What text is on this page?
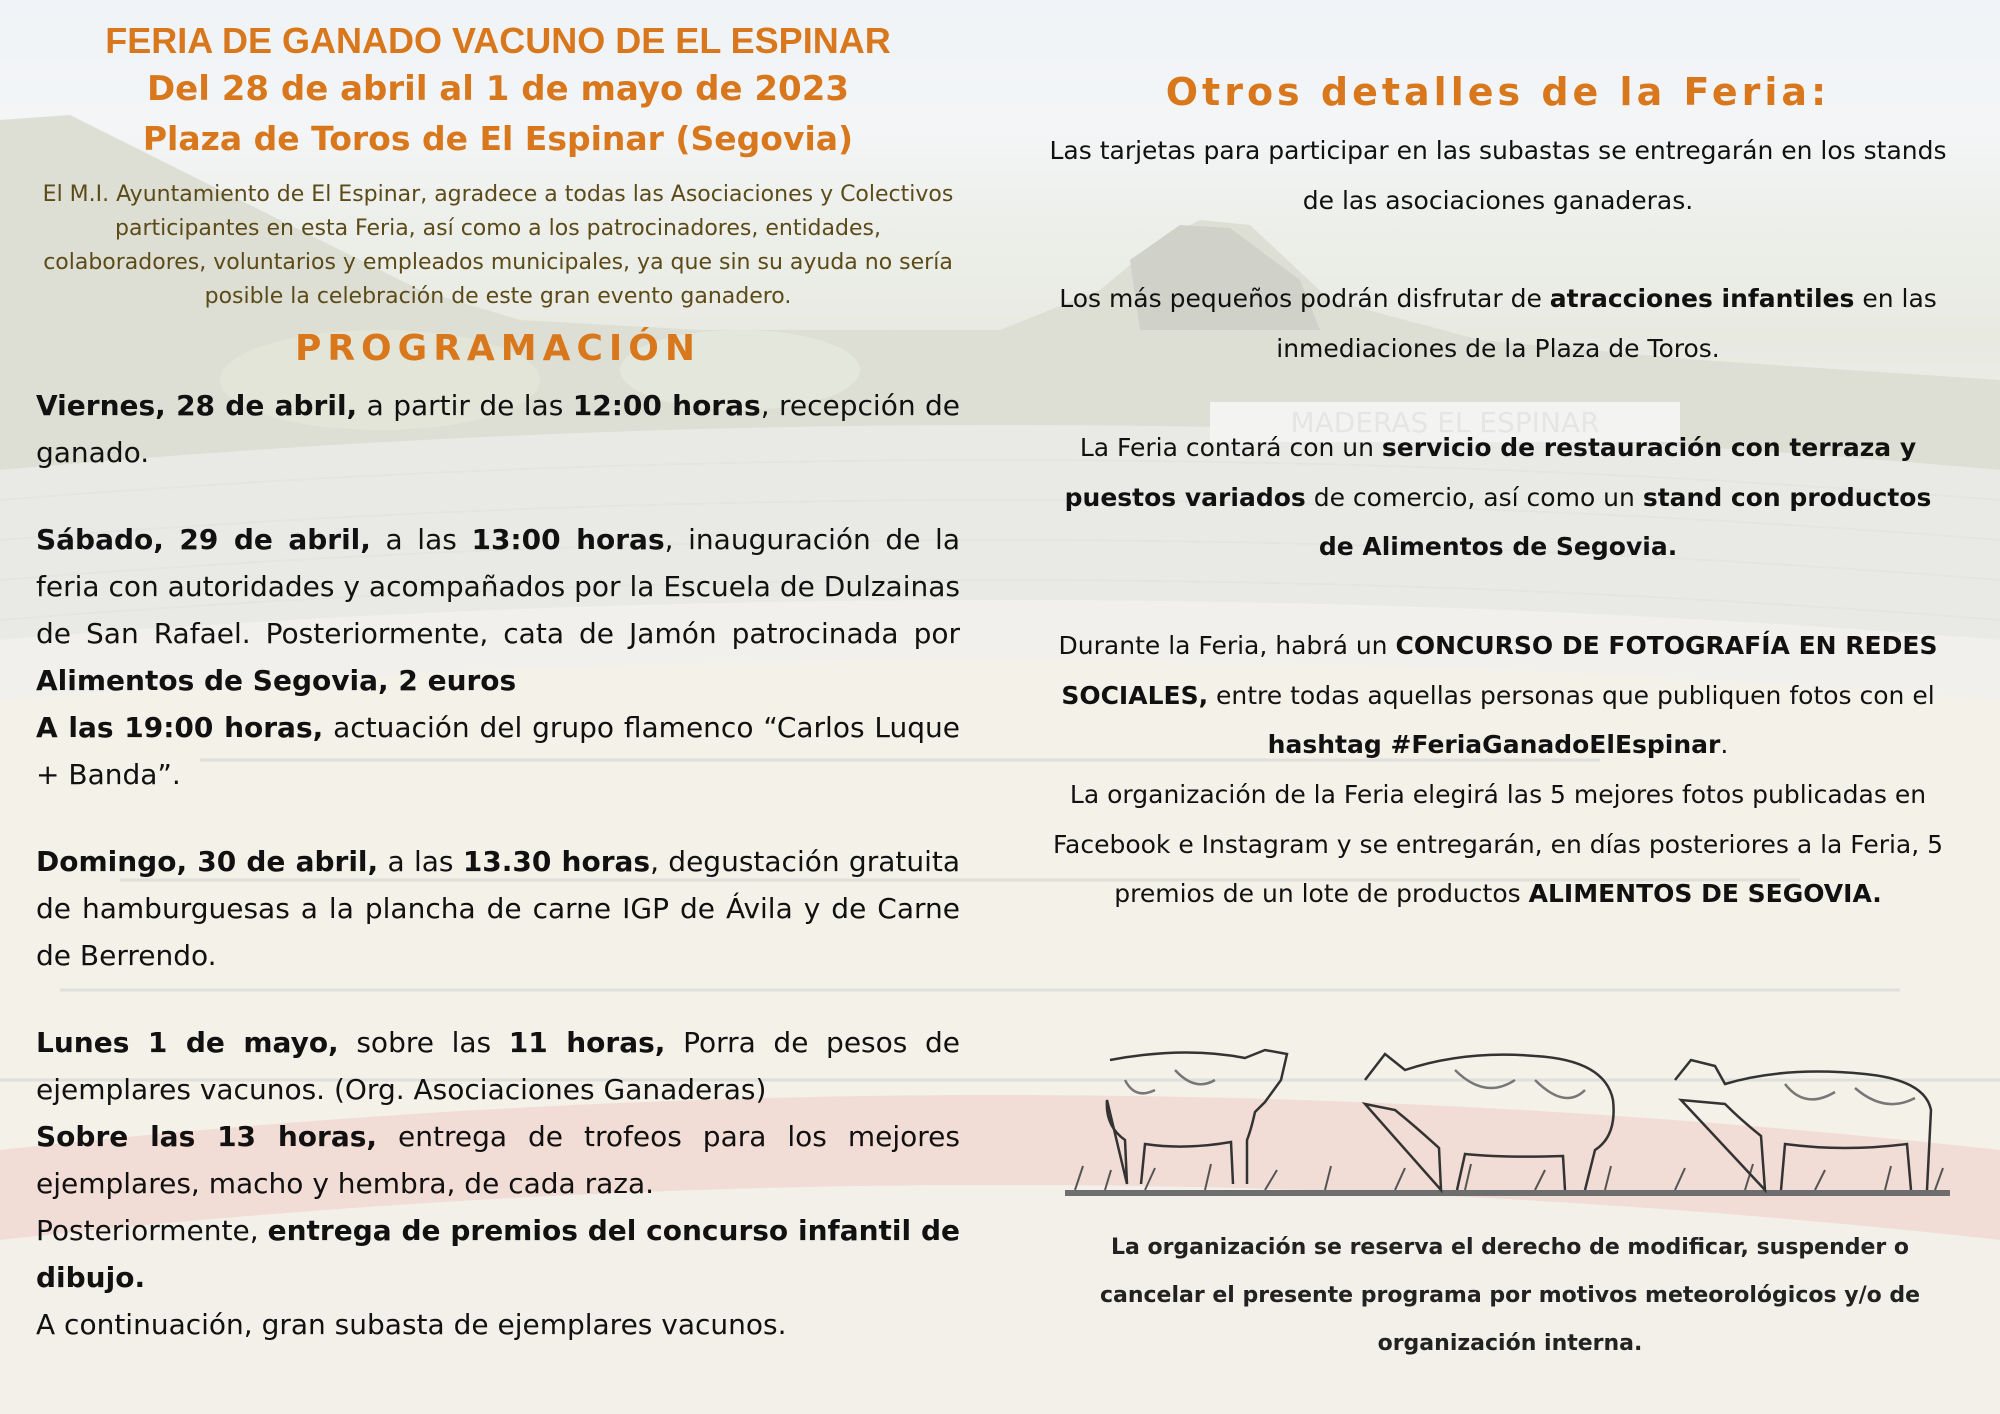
FERIA DE GANADO VACUNO DE EL ESPINAR

Del 28 de abril al 1 de mayo de 2023

Plaza de Toros de El Espinar (Segovia)

El M.I. Ayuntamiento de El Espinar, agradece a todas las Asociaciones y Colectivos participantes en esta Feria, así como a los patrocinadores, entidades, colaboradores, voluntarios y empleados municipales, ya que sin su ayuda no sería posible la celebración de este gran evento ganadero.

PROGRAMACIÓN

Viernes, 28 de abril, a partir de las 12:00 horas, recepción de ganado.

Sábado, 29 de abril, a las 13:00 horas, inauguración de la feria con autoridades y acompañados por la Escuela de Dulzainas de San Rafael. Posteriormente, cata de Jamón patrocinada por Alimentos de Segovia, 2 euros

A las 19:00 horas, actuación del grupo flamenco “Carlos Luque + Banda”.

Domingo, 30 de abril, a las 13.30 horas, degustación gratuita de hamburguesas a la plancha de carne IGP de Ávila y de Carne de Berrendo.

Lunes 1 de mayo, sobre las 11 horas, Porra de pesos de ejemplares vacunos. (Org. Asociaciones Ganaderas)

Sobre las 13 horas, entrega de trofeos para los mejores ejemplares, macho y hembra, de cada raza.

Posteriormente, entrega de premios del concurso infantil de dibujo.

A continuación, gran subasta de ejemplares vacunos.

Otros detalles de la Feria:

Las tarjetas para participar en las subastas se entregarán en los stands de las asociaciones ganaderas.

Los más pequeños podrán disfrutar de atracciones infantiles en las inmediaciones de la Plaza de Toros.

La Feria contará con un servicio de restauración con terraza y puestos variados de comercio, así como un stand con productos de Alimentos de Segovia.

Durante la Feria, habrá un CONCURSO DE FOTOGRAFÍA EN REDES SOCIALES, entre todas aquellas personas que publiquen fotos con el hashtag #FeriaGanadoElEspinar.

La organización de la Feria elegirá las 5 mejores fotos publicadas en Facebook e Instagram y se entregarán, en días posteriores a la Feria, 5 premios de un lote de productos ALIMENTOS DE SEGOVIA.

La organización se reserva el derecho de modificar, suspender o cancelar el presente programa por motivos meteorológicos y/o de organización interna.
